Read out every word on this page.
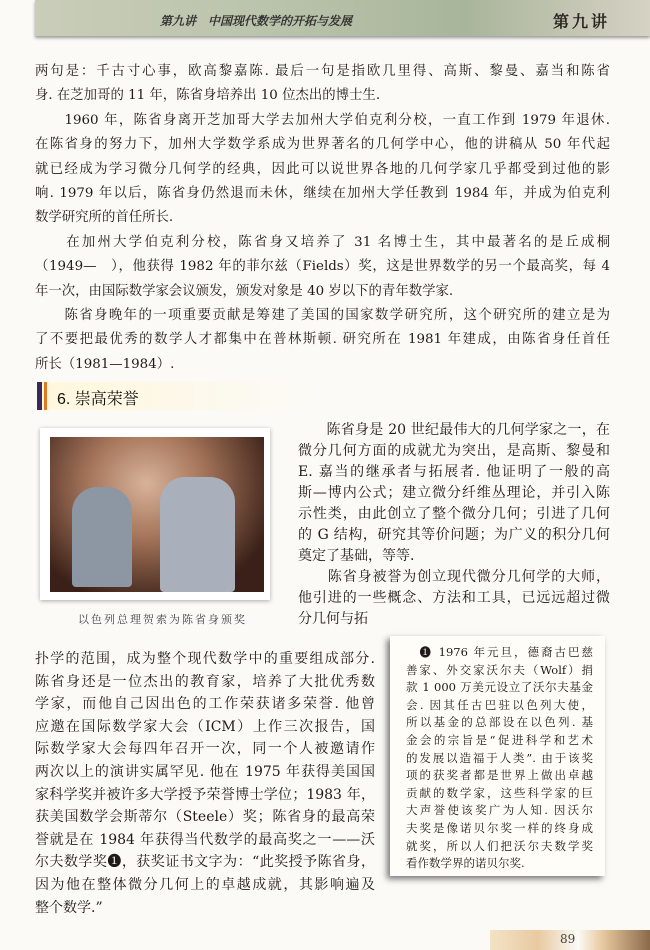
第九讲　中国现代数学的开拓与发展	第九讲
两句是：千古寸心事，欧高黎嘉陈. 最后一句是指欧几里得、高斯、黎曼、嘉当和陈省
身. 在芝加哥的 11 年，陈省身培养出 10 位杰出的博士生.
　　1960 年，陈省身离开芝加哥大学去加州大学伯克利分校，一直工作到 1979 年退休.
在陈省身的努力下，加州大学数学系成为世界著名的几何学中心，他的讲稿从 50 年代起
就已经成为学习微分几何学的经典，因此可以说世界各地的几何学家几乎都受到过他的影
响. 1979 年以后，陈省身仍然退而未休，继续在加州大学任教到 1984 年，并成为伯克利
数学研究所的首任所长.
　　在加州大学伯克利分校，陈省身又培养了 31 名博士生，其中最著名的是丘成桐
（1949—　），他获得 1982 年的菲尔兹（Fields）奖，这是世界数学的另一个最高奖，每 4
年一次，由国际数学家会议颁发，颁发对象是 40 岁以下的青年数学家.
　　陈省身晚年的一项重要贡献是筹建了美国的国家数学研究所，这个研究所的建立是为
了不要把最优秀的数学人才都集中在普林斯顿. 研究所在 1981 年建成，由陈省身任首任
所长（1981—1984）.
6. 崇高荣誉
以色列总理贺索为陈省身颁奖
　　陈省身是 20 世纪最伟大的几何学家之一，在
微分几何方面的成就尤为突出，是高斯、黎曼和
E. 嘉当的继承者与拓展者. 他证明了一般的高
斯—博内公式；建立微分纤维丛理论，并引入陈
示性类，由此创立了整个微分几何；引进了几何
的 G 结构，研究其等价问题；为广义的积分几何
奠定了基础，等等.
　　陈省身被誉为创立现代微分几何学的大师，
他引进的一些概念、方法和工具，已远远超过微
分几何与拓
扑学的范围，成为整个现代数学中的重要组成部分.
陈省身还是一位杰出的教育家，培养了大批优秀数
学家，而他自己因出色的工作荣获诸多荣誉. 他曾
应邀在国际数学家大会（ICM）上作三次报告，国
际数学家大会每四年召开一次，同一个人被邀请作
两次以上的演讲实属罕见. 他在 1975 年获得美国国
家科学奖并被许多大学授予荣誉博士学位；1983 年，
获美国数学会斯蒂尔（Steele）奖；陈省身的最高荣
誉就是在 1984 年获得当代数学的最高奖之一——沃
尔夫数学奖❶，获奖证书文字为：“此奖授予陈省身，
因为他在整体微分几何上的卓越成就，其影响遍及
整个数学.”
　❶ 1976 年元旦，德裔古巴慈
善家、外交家沃尔夫（Wolf）捐
款 1 000 万美元设立了沃尔夫基金
会. 因其任古巴驻以色列大使，
所以基金的总部设在以色列. 基
金会的宗旨是“促进科学和艺术
的发展以造福于人类”. 由于该奖
项的获奖者都是世界上做出卓越
贡献的数学家，这些科学家的巨
大声誉使该奖广为人知. 因沃尔
夫奖是像诺贝尔奖一样的终身成
就奖，所以人们把沃尔夫数学奖
看作数学界的诺贝尔奖.
89
